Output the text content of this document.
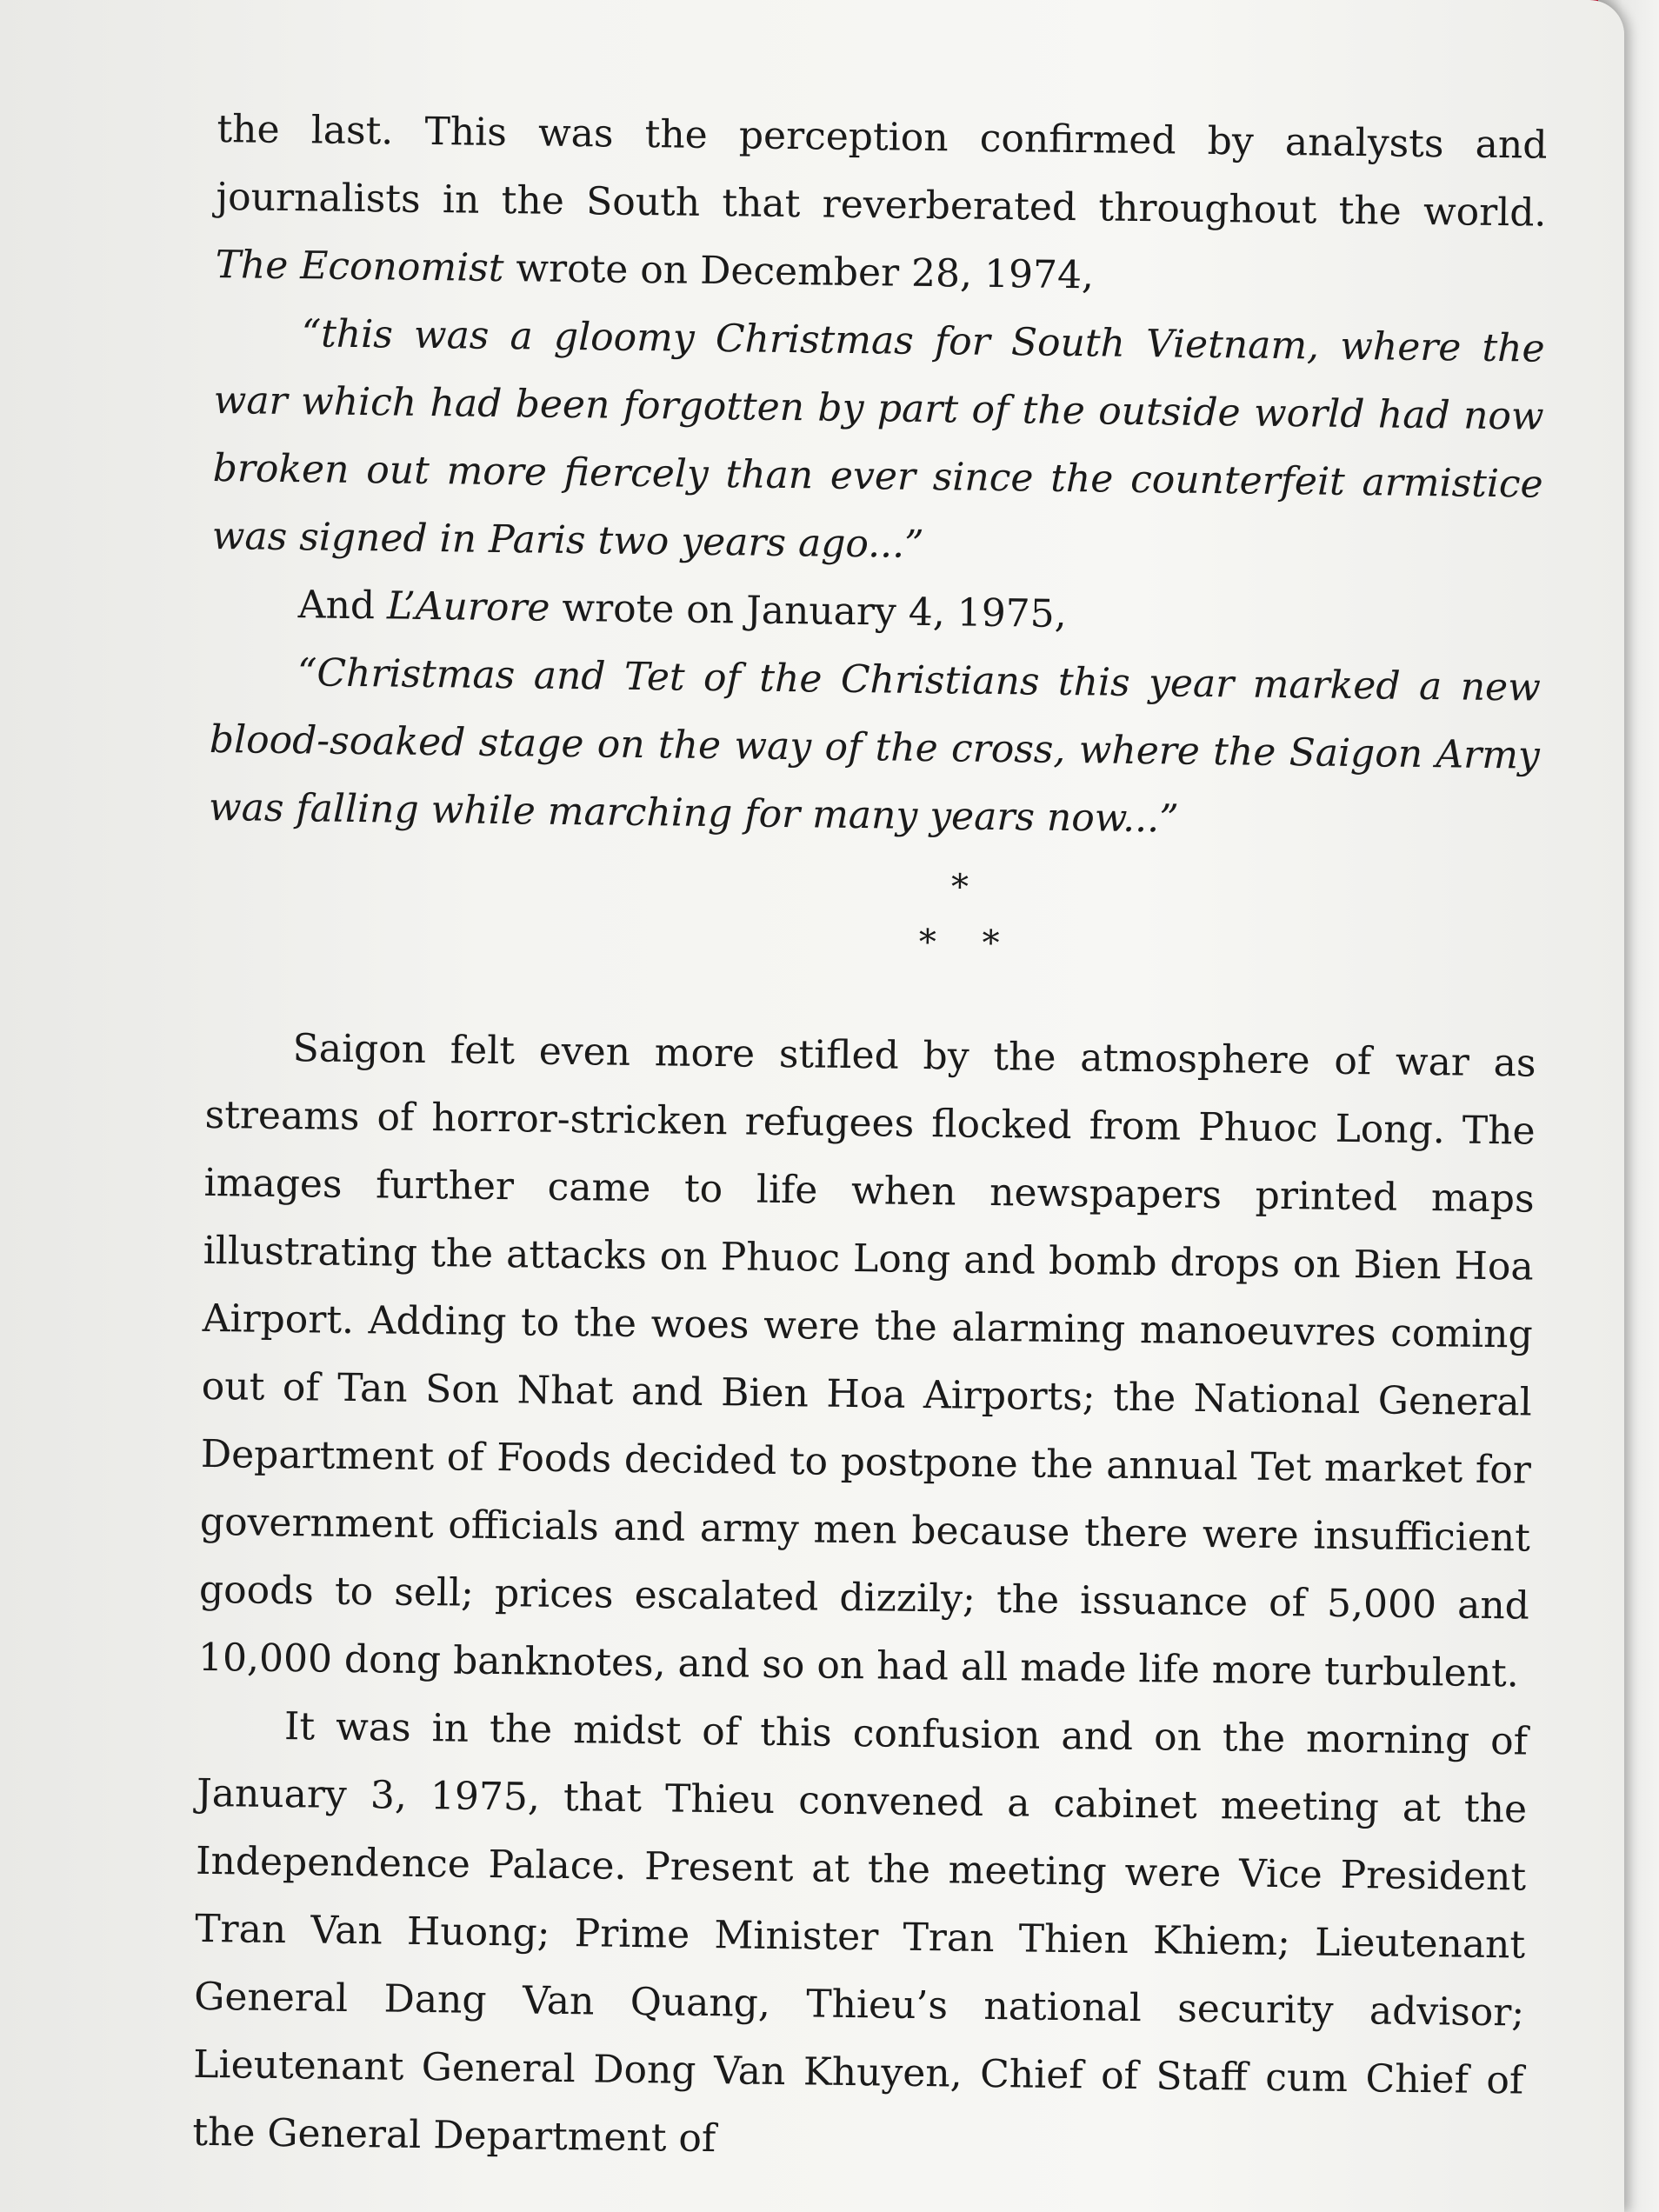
the last. This was the perception confirmed by analysts and journalists in the South that reverberated throughout the world. The Economist wrote on December 28, 1974,

“this was a gloomy Christmas for South Vietnam, where the war which had been forgotten by part of the outside world had now broken out more fiercely than ever since the counterfeit armistice was signed in Paris two years ago...”

And L’Aurore wrote on January 4, 1975,

“Christmas and Tet of the Christians this year marked a new blood-soaked stage on the way of the cross, where the Saigon Army was falling while marching for many years now...”

*
* *

Saigon felt even more stifled by the atmosphere of war as streams of horror-stricken refugees flocked from Phuoc Long. The images further came to life when newspapers printed maps illustrating the attacks on Phuoc Long and bomb drops on Bien Hoa Airport. Adding to the woes were the alarming manoeuvres coming out of Tan Son Nhat and Bien Hoa Airports; the National General Department of Foods decided to postpone the annual Tet market for government officials and army men because there were insufficient goods to sell; prices escalated dizzily; the issuance of 5,000 and 10,000 dong banknotes, and so on had all made life more turbulent.

It was in the midst of this confusion and on the morning of January 3, 1975, that Thieu convened a cabinet meeting at the Independence Palace. Present at the meeting were Vice President Tran Van Huong; Prime Minister Tran Thien Khiem; Lieutenant General Dang Van Quang, Thieu’s national security advisor; Lieutenant General Dong Van Khuyen, Chief of Staff cum Chief of the General Department of
